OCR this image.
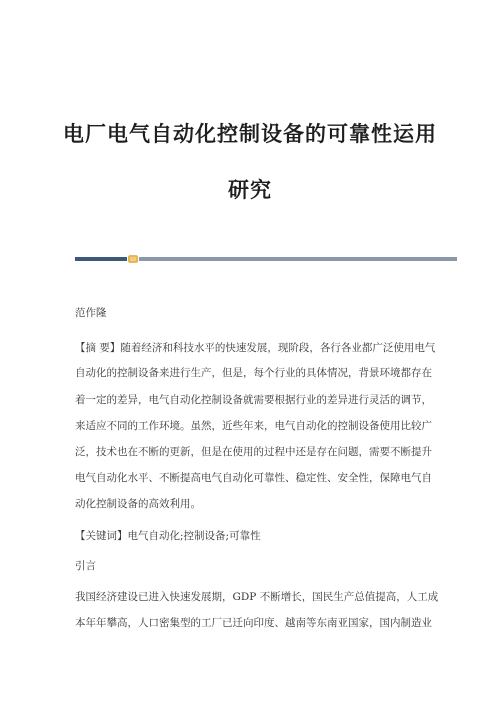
电厂电气自动化控制设备的可靠性运用
研究
范作隆
【摘 要】随着经济和科技水平的快速发展，现阶段，各行各业都广泛使用电气
自动化的控制设备来进行生产，但是，每个行业的具体情况，背景环境都存在
着一定的差异，电气自动化控制设备就需要根据行业的差异进行灵活的调节，
来适应不同的工作环境。虽然，近些年来，电气自动化的控制设备使用比较广
泛，技术也在不断的更新，但是在使用的过程中还是存在问题，需要不断提升
电气自动化水平、不断提高电气自动化可靠性、稳定性、安全性，保障电气自
动化控制设备的高效利用。
【关键词】电气自动化;控制设备;可靠性
引言
我国经济建设已进入快速发展期，GDP 不断增长，国民生产总值提高，人工成
本年年攀高，人口密集型的工厂已迁向印度、越南等东南亚国家，国内制造业
